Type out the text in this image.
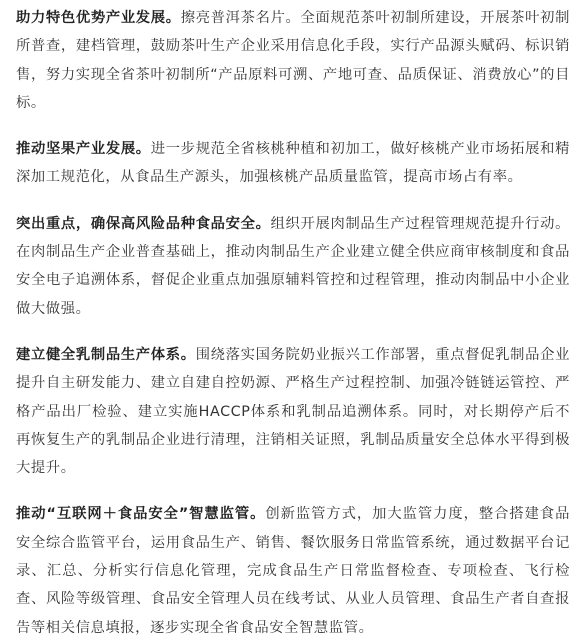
助力特色优势产业发展。擦亮普洱茶名片。全面规范茶叶初制所建设，开展茶叶初制所普查，建档管理，鼓励茶叶生产企业采用信息化手段，实行产品源头赋码、标识销售，努力实现全省茶叶初制所“产品原料可溯、产地可查、品质保证、消费放心”的目标。

推动坚果产业发展。进一步规范全省核桃种植和初加工，做好核桃产业市场拓展和精深加工规范化，从食品生产源头，加强核桃产品质量监管，提高市场占有率。

突出重点，确保高风险品种食品安全。组织开展肉制品生产过程管理规范提升行动。在肉制品生产企业普查基础上，推动肉制品生产企业建立健全供应商审核制度和食品安全电子追溯体系，督促企业重点加强原辅料管控和过程管理，推动肉制品中小企业做大做强。

建立健全乳制品生产体系。围绕落实国务院奶业振兴工作部署，重点督促乳制品企业提升自主研发能力、建立自建自控奶源、严格生产过程控制、加强冷链链运管控、严格产品出厂检验、建立实施HACCP体系和乳制品追溯体系。同时，对长期停产后不再恢复生产的乳制品企业进行清理，注销相关证照，乳制品质量安全总体水平得到极大提升。

推动“互联网＋食品安全”智慧监管。创新监管方式，加大监管力度，整合搭建食品安全综合监管平台，运用食品生产、销售、餐饮服务日常监管系统，通过数据平台记录、汇总、分析实行信息化管理，完成食品生产日常监督检查、专项检查、飞行检查、风险等级管理、食品安全管理人员在线考试、从业人员管理、食品生产者自查报告等相关信息填报，逐步实现全省食品安全智慧监管。
